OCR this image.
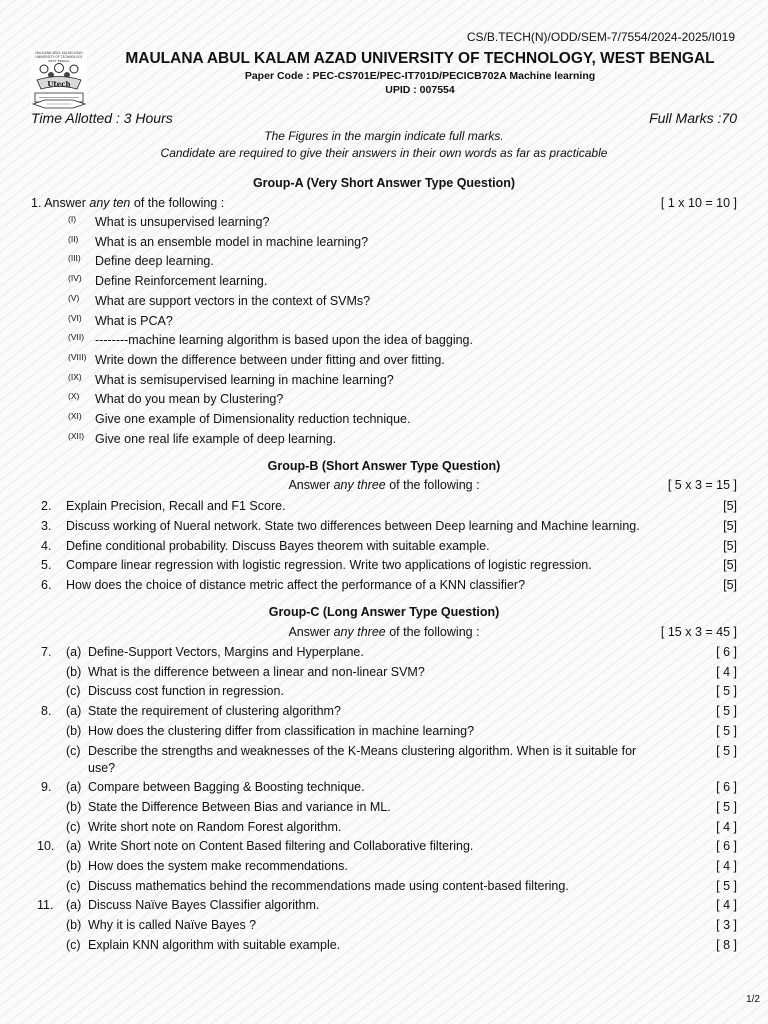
CS/B.TECH(N)/ODD/SEM-7/7554/2024-2025/I019
MAULANA ABUL KALAM AZAD
UNIVERSITY OF TECHNOLOGY
WEST BENGAL
Utech
MAULANA ABUL KALAM AZAD UNIVERSITY OF TECHNOLOGY, WEST BENGAL
Paper Code : PEC-CS701E/PEC-IT701D/PECICB702A Machine learning
UPID : 007554
Time Allotted : 3 Hours	Full Marks :70
The Figures in the margin indicate full marks.
Candidate are required to give their answers in their own words as far as practicable
Group-A (Very Short Answer Type Question)
1. Answer any ten of the following :	[ 1 x 10 = 10 ]
(I) What is unsupervised learning?
(II) What is an ensemble model in machine learning?
(III) Define deep learning.
(IV) Define Reinforcement learning.
(V) What are support vectors in the context of SVMs?
(VI) What is PCA?
(VII) --------machine learning algorithm is based upon the idea of bagging.
(VIII) Write down the difference between under fitting and over fitting.
(IX) What is semisupervised learning in machine learning?
(X) What do you mean by Clustering?
(XI) Give one example of Dimensionality reduction technique.
(XII) Give one real life example of deep learning.
Group-B (Short Answer Type Question)
Answer any three of the following :	[ 5 x 3 = 15 ]
2. Explain Precision, Recall and F1 Score.	[5]
3. Discuss working of Nueral network. State two differences between Deep learning and Machine learning.	[5]
4. Define conditional probability. Discuss Bayes theorem with suitable example.	[5]
5. Compare linear regression with logistic regression. Write two applications of logistic regression.	[5]
6. How does the choice of distance metric affect the performance of a KNN classifier?	[5]
Group-C (Long Answer Type Question)
Answer any three of the following :	[ 15 x 3 = 45 ]
7. (a) Define-Support Vectors, Margins and Hyperplane.	[ 6 ]
(b) What is the difference between a linear and non-linear SVM?	[ 4 ]
(c) Discuss cost function in regression.	[ 5 ]
8. (a) State the requirement of clustering algorithm?	[ 5 ]
(b) How does the clustering differ from classification in machine learning?	[ 5 ]
(c) Describe the strengths and weaknesses of the K-Means clustering algorithm. When is it suitable for	[ 5 ]
use?
9. (a) Compare between Bagging & Boosting technique.	[ 6 ]
(b) State the Difference Between Bias and variance in ML.	[ 5 ]
(c) Write short note on Random Forest algorithm.	[ 4 ]
10. (a) Write Short note on Content Based filtering and Collaborative filtering.	[ 6 ]
(b) How does the system make recommendations.	[ 4 ]
(c) Discuss mathematics behind the recommendations made using content-based filtering.	[ 5 ]
11. (a) Discuss Naïve Bayes Classifier algorithm.	[ 4 ]
(b) Why it is called Naïve Bayes ?	[ 3 ]
(c) Explain KNN algorithm with suitable example.	[ 8 ]
1/2
